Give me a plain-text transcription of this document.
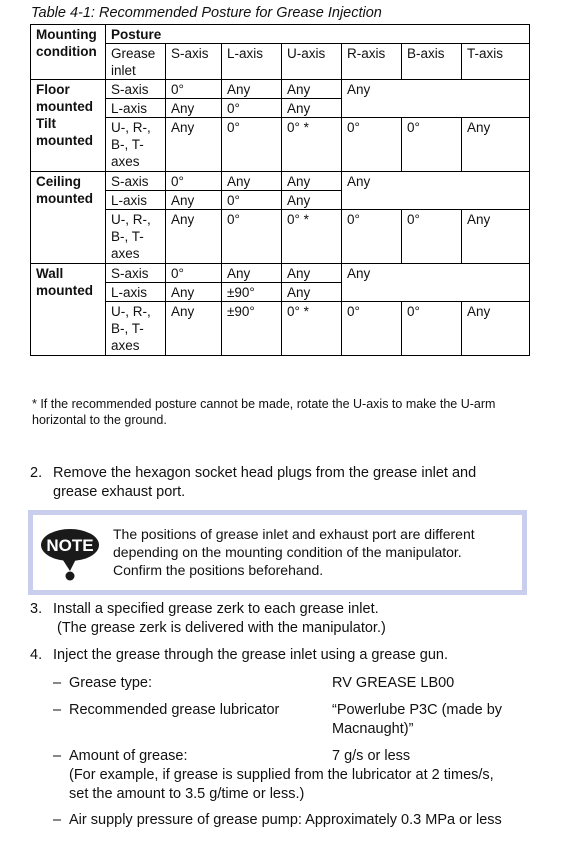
Table 4-1: Recommended Posture for Grease Injection
Mounting condition	Posture						
	Grease inlet	S-axis	L-axis	U-axis	R-axis	B-axis	T-axis
Floor mounted Tilt mounted	S-axis	0°	Any	Any	Any		
	L-axis	Any	0°	Any			
	U-, R-, B-, T-axes	Any	0°	0° *	0°	0°	Any
Ceiling mounted	S-axis	0°	Any	Any	Any		
	L-axis	Any	0°	Any			
	U-, R-, B-, T-axes	Any	0°	0° *	0°	0°	Any
Wall mounted	S-axis	0°	Any	Any	Any		
	L-axis	Any	±90°	Any			
	U-, R-, B-, T-axes	Any	±90°	0° *	0°	0°	Any
* If the recommended posture cannot be made, rotate the U-axis to make the U-arm horizontal to the ground.
2. Remove the hexagon socket head plugs from the grease inlet and
grease exhaust port.
NOTE
The positions of grease inlet and exhaust port are different
depending on the mounting condition of the manipulator.
Confirm the positions beforehand.
3. Install a specified grease zerk to each grease inlet.
(The grease zerk is delivered with the manipulator.)
4. Inject the grease through the grease inlet using a grease gun.
– Grease type:	RV GREASE LB00
– Recommended grease lubricator	“Powerlube P3C (made by
Macnaught)”
– Amount of grease:	7 g/s or less
(For example, if grease is supplied from the lubricator at 2 times/s,
set the amount to 3.5 g/time or less.)
– Air supply pressure of grease pump: Approximately 0.3 MPa or less
